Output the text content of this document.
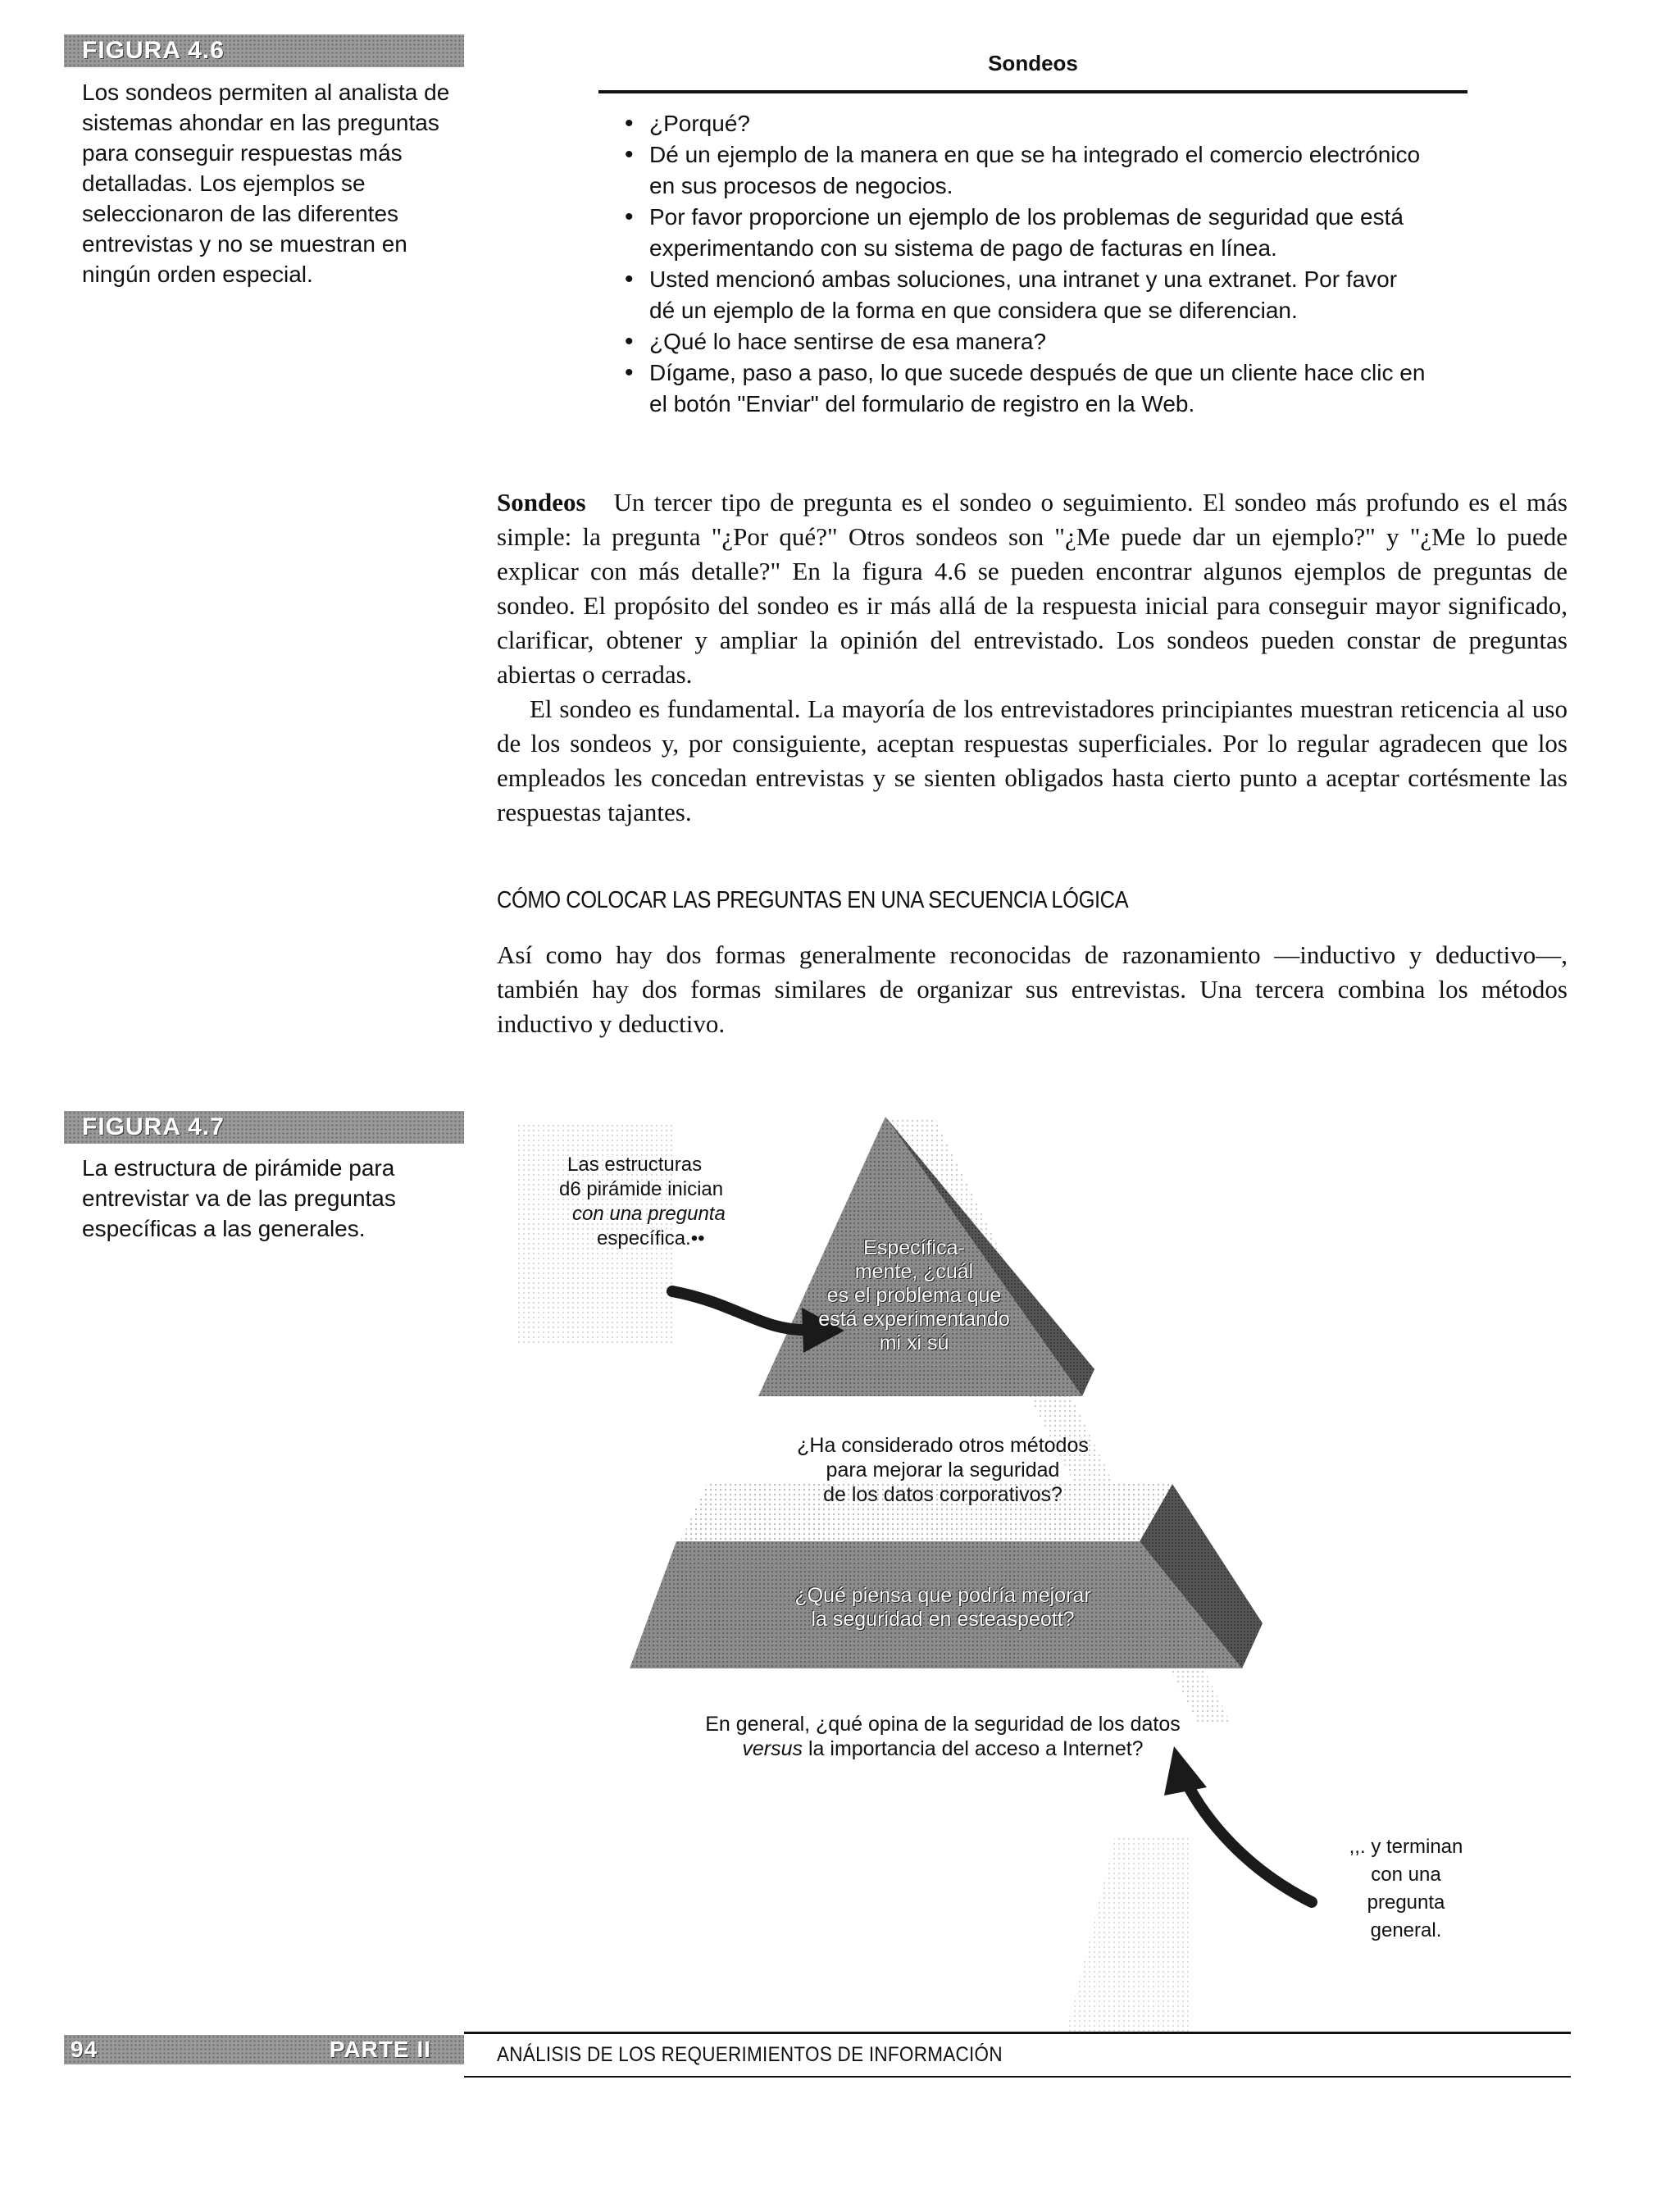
FIGURA 4.6
Los sondeos permiten al analista de sistemas ahondar en las preguntas para conseguir respuestas más detalladas. Los ejemplos se seleccionaron de las diferentes entrevistas y no se muestran en ningún orden especial.
Sondeos
• ¿Porqué?
• Dé un ejemplo de la manera en que se ha integrado el comercio electrónico en sus procesos de negocios.
• Por favor proporcione un ejemplo de los problemas de seguridad que está experimentando con su sistema de pago de facturas en línea.
• Usted mencionó ambas soluciones, una intranet y una extranet. Por favor dé un ejemplo de la forma en que considera que se diferencian.
• ¿Qué lo hace sentirse de esa manera?
• Dígame, paso a paso, lo que sucede después de que un cliente hace clic en el botón "Enviar" del formulario de registro en la Web.

Sondeos Un tercer tipo de pregunta es el sondeo o seguimiento. El sondeo más profundo es el más simple: la pregunta "¿Por qué?" Otros sondeos son "¿Me puede dar un ejemplo?" y "¿Me lo puede explicar con más detalle?" En la figura 4.6 se pueden encontrar algunos ejemplos de preguntas de sondeo. El propósito del sondeo es ir más allá de la respuesta inicial para conseguir mayor significado, clarificar, obtener y ampliar la opinión del entrevistado. Los sondeos pueden constar de preguntas abiertas o cerradas.

El sondeo es fundamental. La mayoría de los entrevistadores principiantes muestran reticencia al uso de los sondeos y, por consiguiente, aceptan respuestas superficiales. Por lo regular agradecen que los empleados les concedan entrevistas y se sienten obligados hasta cierto punto a aceptar cortésmente las respuestas tajantes.

CÓMO COLOCAR LAS PREGUNTAS EN UNA SECUENCIA LÓGICA

Así como hay dos formas generalmente reconocidas de razonamiento —inductivo y deductivo—, también hay dos formas similares de organizar sus entrevistas. Una tercera combina los métodos inductivo y deductivo.

FIGURA 4.7
La estructura de pirámide para entrevistar va de las preguntas específicas a las generales.
Las estructuras
d6 pirámide inician
con una pregunta
específica.••	Específica-
mente, ¿cuál
es el problema que
está experimentando
mi xi sú
¿Ha considerado otros métodos
para mejorar la seguridad
de los datos corporativos?
¿Qué piensa que podría mejorar
la seguridad en esteaspeott?
En general, ¿qué opina de la seguridad de los datos
versus la importancia del acceso a Internet?
,,. y terminan
con una
pregunta
general.
94	PARTE II	ANÁLISIS DE LOS REQUERIMIENTOS DE INFORMACIÓN
